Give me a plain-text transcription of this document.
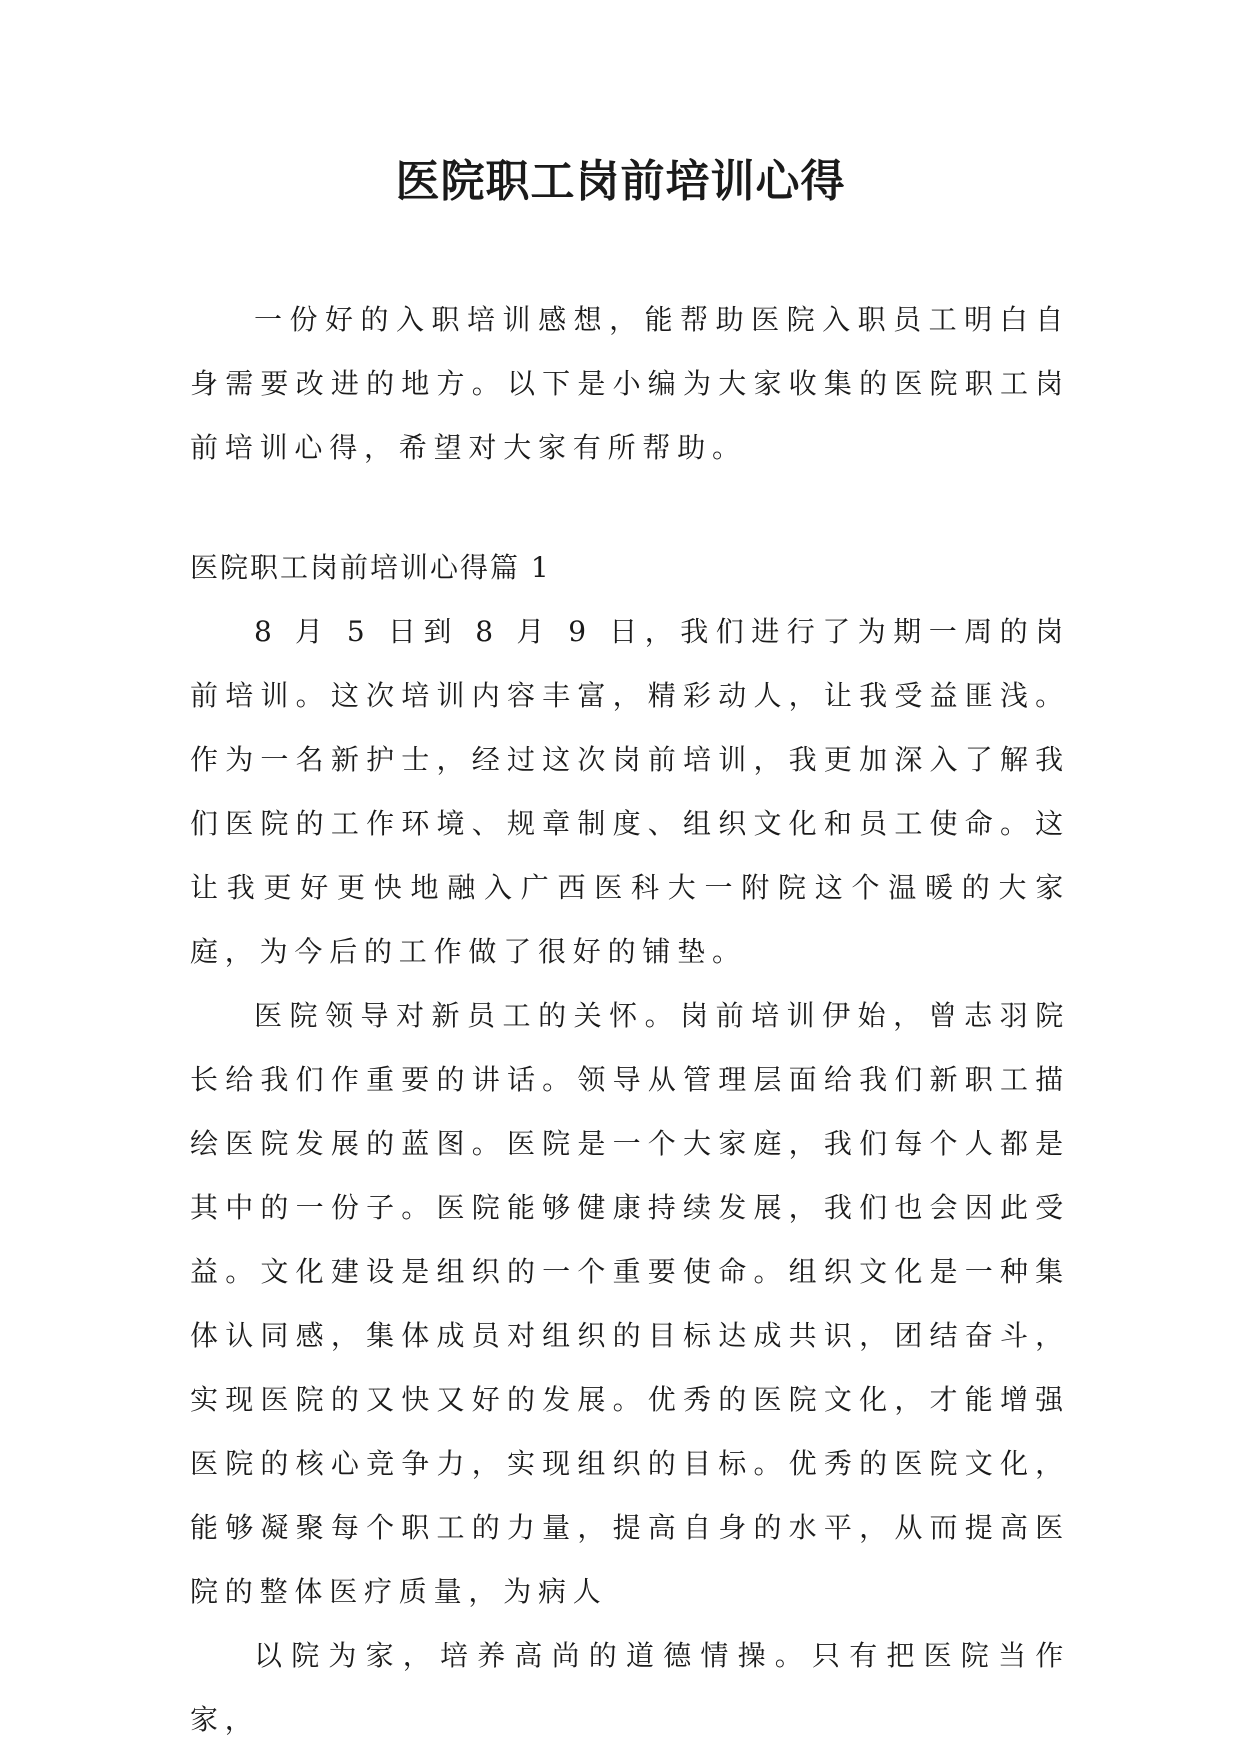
医院职工岗前培训心得

一份好的入职培训感想，能帮助医院入职员工明白自身需要改进的地方。以下是小编为大家收集的医院职工岗前培训心得，希望对大家有所帮助。

医院职工岗前培训心得篇 1

8 月 5 日到 8 月 9 日，我们进行了为期一周的岗前培训。这次培训内容丰富，精彩动人，让我受益匪浅。作为一名新护士，经过这次岗前培训，我更加深入了解我们医院的工作环境、规章制度、组织文化和员工使命。这让我更好更快地融入广西医科大一附院这个温暖的大家庭，为今后的工作做了很好的铺垫。

医院领导对新员工的关怀。岗前培训伊始，曾志羽院长给我们作重要的讲话。领导从管理层面给我们新职工描绘医院发展的蓝图。医院是一个大家庭，我们每个人都是其中的一份子。医院能够健康持续发展，我们也会因此受益。文化建设是组织的一个重要使命。组织文化是一种集体认同感，集体成员对组织的目标达成共识，团结奋斗，实现医院的又快又好的发展。优秀的医院文化，才能增强医院的核心竞争力，实现组织的目标。优秀的医院文化，能够凝聚每个职工的力量，提高自身的水平，从而提高医院的整体医疗质量，为病人

以院为家，培养高尚的道德情操。只有把医院当作家，
